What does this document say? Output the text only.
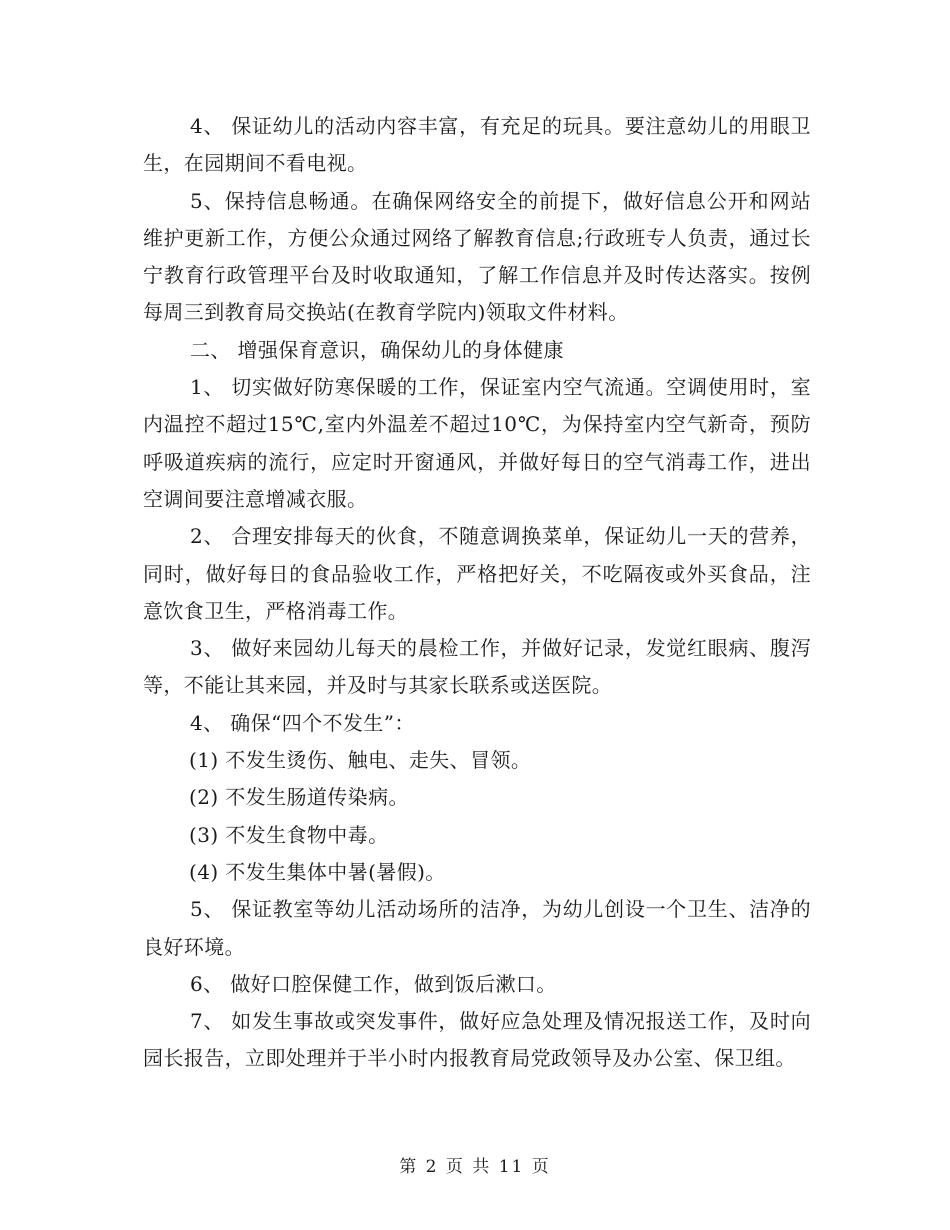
4、 保证幼儿的活动内容丰富，有充足的玩具。要注意幼儿的用眼卫生，在园期间不看电视。

5、保持信息畅通。在确保网络安全的前提下，做好信息公开和网站维护更新工作，方便公众通过网络了解教育信息;行政班专人负责，通过长宁教育行政管理平台及时收取通知，了解工作信息并及时传达落实。按例每周三到教育局交换站(在教育学院内)领取文件材料。

二、 增强保育意识，确保幼儿的身体健康

1、 切实做好防寒保暖的工作，保证室内空气流通。空调使用时，室内温控不超过15℃,室内外温差不超过10℃，为保持室内空气新奇，预防呼吸道疾病的流行，应定时开窗通风，并做好每日的空气消毒工作，进出空调间要注意增减衣服。

2、 合理安排每天的伙食，不随意调换菜单，保证幼儿一天的营养，同时，做好每日的食品验收工作，严格把好关，不吃隔夜或外买食品，注意饮食卫生，严格消毒工作。

3、 做好来园幼儿每天的晨检工作，并做好记录，发觉红眼病、腹泻等，不能让其来园，并及时与其家长联系或送医院。

4、 确保“四个不发生”：

(1) 不发生烫伤、触电、走失、冒领。

(2) 不发生肠道传染病。

(3) 不发生食物中毒。

(4) 不发生集体中暑(暑假)。

5、 保证教室等幼儿活动场所的洁净，为幼儿创设一个卫生、洁净的良好环境。

6、 做好口腔保健工作，做到饭后漱口。

7、 如发生事故或突发事件，做好应急处理及情况报送工作，及时向园长报告，立即处理并于半小时内报教育局党政领导及办公室、保卫组。

第 2 页 共 11 页
